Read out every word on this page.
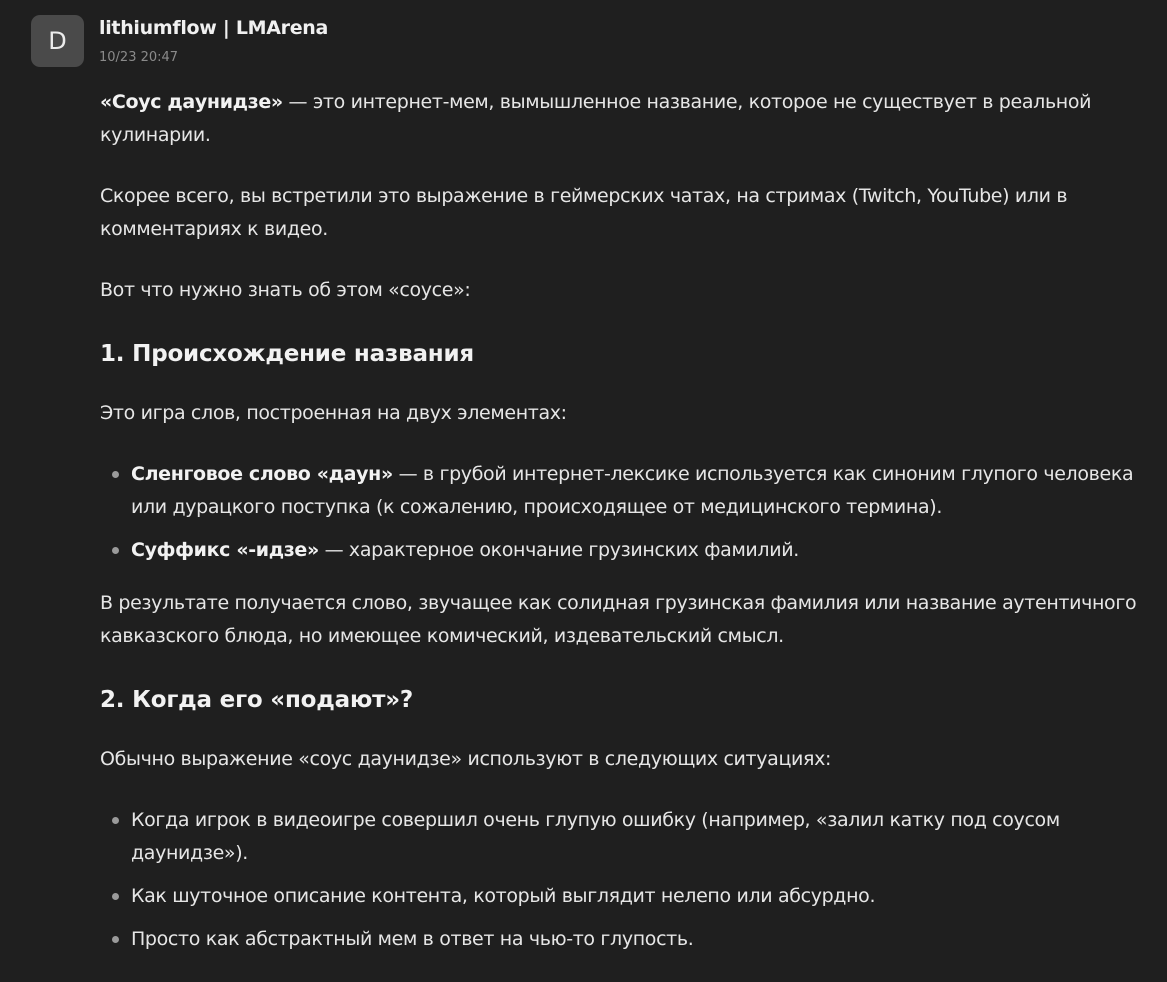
D	lithiumflow | LMArena
10/23 20:47

«Соус даунидзе» — это интернет-мем, вымышленное название, которое не существует в реальной кулинарии.

Скорее всего, вы встретили это выражение в геймерских чатах, на стримах (Twitch, YouTube) или в комментариях к видео.

Вот что нужно знать об этом «соусе»:

1. Происхождение названия

Это игра слов, построенная на двух элементах:

Сленговое слово «даун» — в грубой интернет-лексике используется как синоним глупого человека или дурацкого поступка (к сожалению, происходящее от медицинского термина).
Суффикс «-идзе» — характерное окончание грузинских фамилий.

В результате получается слово, звучащее как солидная грузинская фамилия или название аутентичного кавказского блюда, но имеющее комический, издевательский смысл.

2. Когда его «подают»?

Обычно выражение «соус даунидзе» используют в следующих ситуациях:

Когда игрок в видеоигре совершил очень глупую ошибку (например, «залил катку под соусом даунидзе»).
Как шуточное описание контента, который выглядит нелепо или абсурдно.
Просто как абстрактный мем в ответ на чью-то глупость.
